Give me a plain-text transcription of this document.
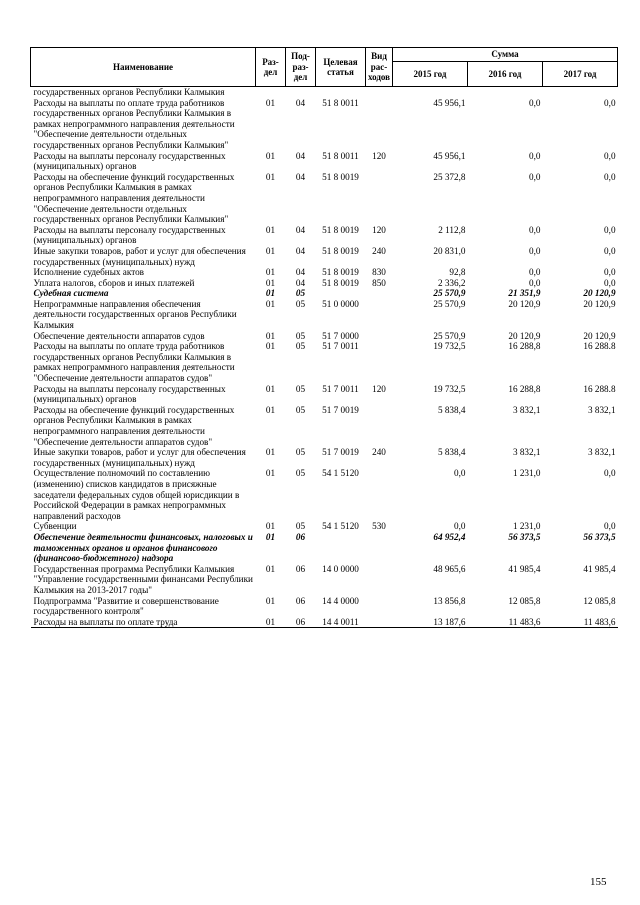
Наименование	Раз-дел	Под-раз-дел	Целевая статья	Вид рас-ходов	Сумма		
					2015 год	2016 год	2017 год
государственных органов Республики Калмыкия							
Расходы на выплаты по оплате труда работников государственных органов Республики Калмыкия в рамках непрограммного направления деятельности "Обеспечение деятельности отдельных государственных органов Республики Калмыкия"	01	04	51 8 0011		45 956,1	0,0	0,0
Расходы на выплаты персоналу государственных (муниципальных) органов	01	04	51 8 0011	120	45 956,1	0,0	0,0
Расходы на обеспечение функций государственных органов Республики Калмыкия в рамках непрограммного направления деятельности "Обеспечение деятельности отдельных государственных органов Республики Калмыкия"	01	04	51 8 0019		25 372,8	0,0	0,0
Расходы на выплаты персоналу государственных (муниципальных) органов	01	04	51 8 0019	120	2 112,8	0,0	0,0
Иные закупки товаров, работ и услуг для обеспечения государственных (муниципальных) нужд	01	04	51 8 0019	240	20 831,0	0,0	0,0
Исполнение судебных актов	01	04	51 8 0019	830	92,8	0,0	0,0
Уплата налогов, сборов и иных платежей	01	04	51 8 0019	850	2 336,2	0,0	0,0
Судебная система	01	05			25 570,9	21 351,9	20 120,9
Непрограммные направления обеспечения деятельности государственных органов Республики Калмыкия	01	05	51 0 0000		25 570,9	20 120,9	20 120,9
Обеспечение деятельности аппаратов судов	01	05	51 7 0000		25 570,9	20 120,9	20 120,9
Расходы на выплаты по оплате труда работников государственных органов Республики Калмыкия в рамках непрограммного направления деятельности "Обеспечение деятельности аппаратов судов"	01	05	51 7 0011		19 732,5	16 288,8	16 288.8
Расходы на выплаты персоналу государственных (муниципальных) органов	01	05	51 7 0011	120	19 732,5	16 288,8	16 288.8
Расходы на обеспечение функций государственных органов Республики Калмыкия в рамках непрограммного направления деятельности "Обеспечение деятельности аппаратов судов"	01	05	51 7 0019		5 838,4	3 832,1	3 832,1
Иные закупки товаров, работ и услуг для обеспечения государственных (муниципальных) нужд	01	05	51 7 0019	240	5 838,4	3 832,1	3 832,1
Осуществление полномочий по составлению (изменению) списков кандидатов в присяжные заседатели федеральных судов общей юрисдикции в Российской Федерации в рамках непрограммных направлений расходов	01	05	54 1 5120		0,0	1 231,0	0,0
Субвенции	01	05	54 1 5120	530	0,0	1 231,0	0,0
Обеспечение деятельности финансовых, налоговых и таможенных органов и органов финансового (финансово-бюджетного) надзора	01	06			64 952,4	56 373,5	56 373,5
Государственная программа Республики Калмыкия "Управление государственными финансами Республики Калмыкия на 2013-2017 годы"	01	06	14 0 0000		48 965,6	41 985,4	41 985,4
Подпрограмма "Развитие и совершенствование государственного контроля"	01	06	14 4 0000		13 856,8	12 085,8	12 085,8
Расходы на выплаты по оплате труда	01	06	14 4 0011		13 187,6	11 483,6	11 483,6
155
